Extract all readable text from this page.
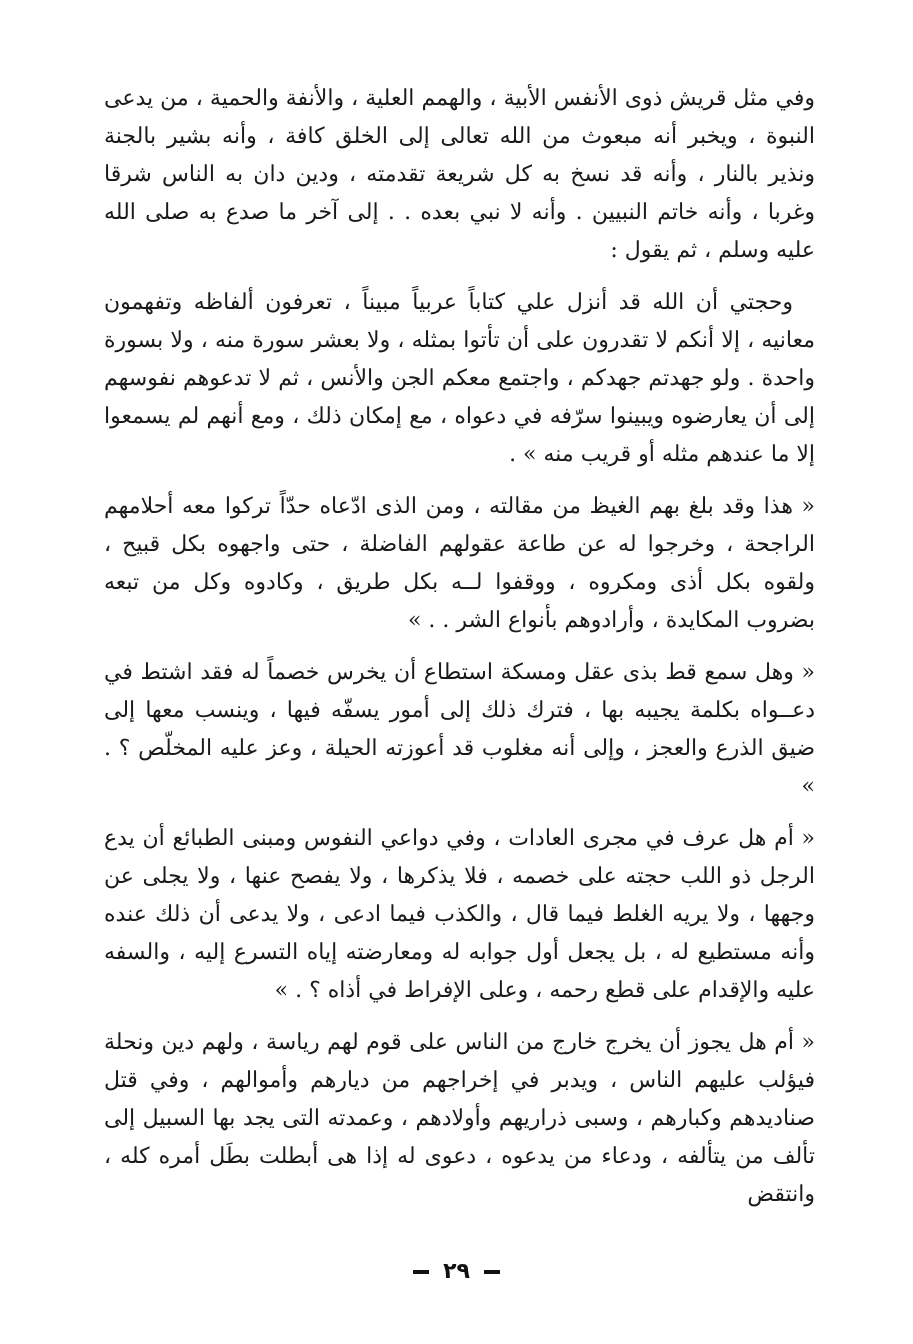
وفي مثل قريش ذوى الأنفس الأبية ، والهمم العلية ، والأنفة والحمية ، من يدعى النبوة ، ويخبر أنه مبعوث من الله تعالى إلى الخلق كافة ، وأنه بشير بالجنة ونذير بالنار ، وأنه قد نسخ به كل شريعة تقدمته ، ودين دان به الناس شرقا وغربا ، وأنه خاتم النبيين . وأنه لا نبي بعده . . إلى آخر ما صدع به صلى الله عليه وسلم ، ثم يقول :

وحجتي أن الله قد أنزل علي كتاباً عربياً مبيناً ، تعرفون ألفاظه وتفهمون معانيه ، إلا أنكم لا تقدرون على أن تأتوا بمثله ، ولا بعشر سورة منه ، ولا بسورة واحدة . ولو جهدتم جهدكم ، واجتمع معكم الجن والأنس ، ثم لا تدعوهم نفوسهم إلى أن يعارضوه ويبينوا سرّفه في دعواه ، مع إمكان ذلك ، ومع أنهم لم يسمعوا إلا ما عندهم مثله أو قريب منه » .

« هذا وقد بلغ بهم الغيظ من مقالته ، ومن الذى ادّعاه حدّاً تركوا معه أحلامهم الراجحة ، وخرجوا له عن طاعة عقولهم الفاضلة ، حتى واجهوه بكل قبيح ، ولقوه بكل أذى ومكروه ، ووقفوا لــه بكل طريق ، وكادوه وكل من تبعه بضروب المكايدة ، وأرادوهم بأنواع الشر . . »

« وهل سمع قط بذى عقل ومسكة استطاع أن يخرس خصماً له فقد اشتط في دعــواه بكلمة يجيبه بها ، فترك ذلك إلى أمور يسفّه فيها ، وينسب معها إلى ضيق الذرع والعجز ، وإلى أنه مغلوب قد أعوزته الحيلة ، وعز عليه المخلّص ؟ . »

« أم هل عرف في مجرى العادات ، وفي دواعي النفوس ومبنى الطبائع أن يدع الرجل ذو اللب حجته على خصمه ، فلا يذكرها ، ولا يفصح عنها ، ولا يجلى عن وجهها ، ولا يريه الغلط فيما قال ، والكذب فيما ادعى ، ولا يدعى أن ذلك عنده وأنه مستطيع له ، بل يجعل أول جوابه له ومعارضته إياه التسرع إليه ، والسفه عليه والإقدام على قطع رحمه ، وعلى الإفراط في أذاه ؟ . »

« أم هل يجوز أن يخرج خارج من الناس على قوم لهم رياسة ، ولهم دين ونحلة فيؤلب عليهم الناس ، ويدبر في إخراجهم من ديارهم وأموالهم ، وفي قتل صناديدهم وكبارهم ، وسبى ذراريهم وأولادهم ، وعمدته التى يجد بها السبيل إلى تألف من يتألفه ، ودعاء من يدعوه ، دعوى له إذا هى أبطلت بطَل أمره كله ، وانتقض

٢٩
